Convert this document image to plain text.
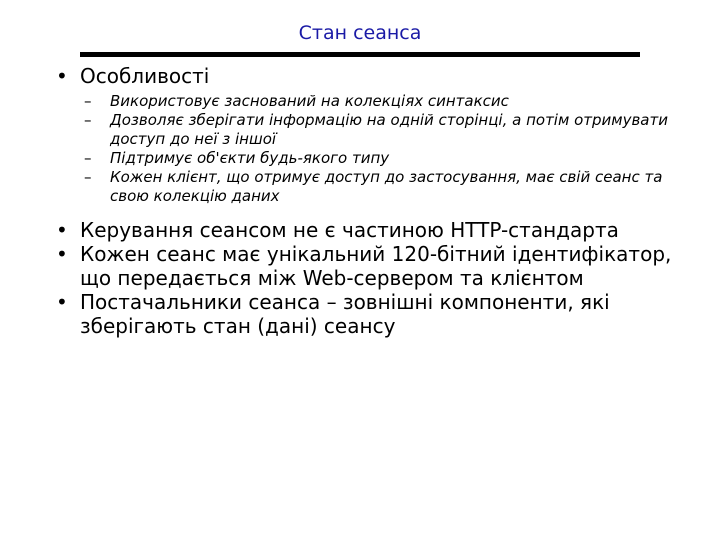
Стан сеанса
• Особливості
– Використовує заснований на колекціях синтаксис
– Дозволяє зберігати інформацію на одній сторінці, а потім отримувати доступ до неї з іншої
– Підтримує об'єкти будь-якого типу
– Кожен клієнт, що отримує доступ до застосування, має свій сеанс та свою колекцію даних
• Керування сеансом не є частиною HTTP-стандарта
• Кожен сеанс має унікальний 120-бітний ідентифікатор, що передається між Web-сервером та клієнтом
• Постачальники сеанса – зовнішні компоненти, які зберігають стан (дані) сеансу
